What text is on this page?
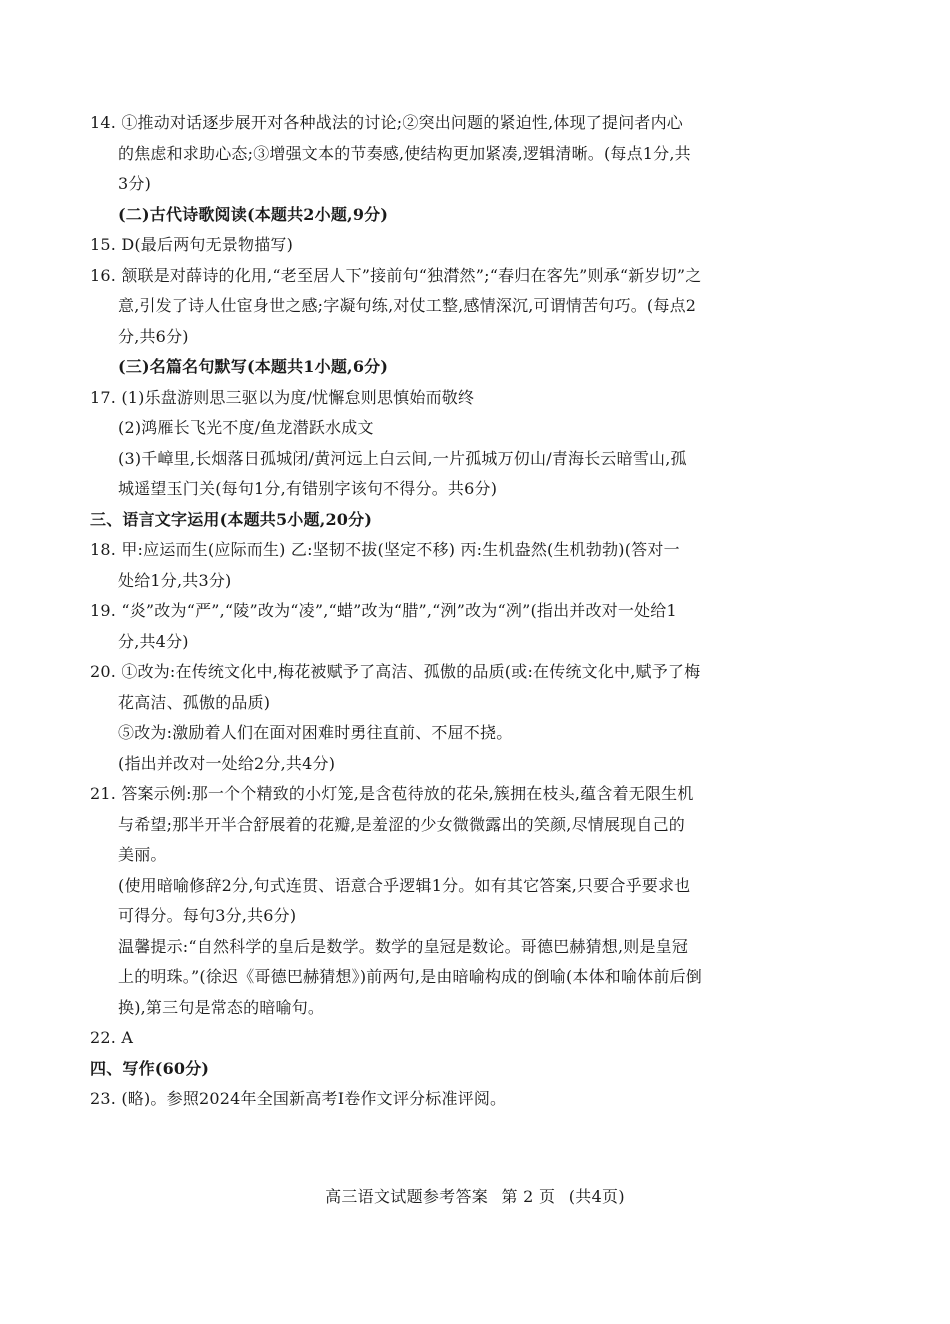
14. ①推动对话逐步展开对各种战法的讨论;②突出问题的紧迫性,体现了提问者内心
的焦虑和求助心态;③增强文本的节奏感,使结构更加紧凑,逻辑清晰。(每点1分,共
3分)
(二)古代诗歌阅读(本题共2小题,9分)
15. D(最后两句无景物描写)
16. 颔联是对薛诗的化用,“老至居人下”接前句“独潸然”;“春归在客先”则承“新岁切”之
意,引发了诗人仕宦身世之感;字凝句练,对仗工整,感情深沉,可谓情苦句巧。(每点2
分,共6分)
(三)名篇名句默写(本题共1小题,6分)
17. (1)乐盘游则思三驱以为度/忧懈怠则思慎始而敬终
(2)鸿雁长飞光不度/鱼龙潜跃水成文
(3)千嶂里,长烟落日孤城闭/黄河远上白云间,一片孤城万仞山/青海长云暗雪山,孤
城遥望玉门关(每句1分,有错别字该句不得分。共6分)
三、语言文字运用(本题共5小题,20分)
18. 甲:应运而生(应际而生) 乙:坚韧不拔(坚定不移) 丙:生机盎然(生机勃勃)(答对一
处给1分,共3分)
19. “炎”改为“严”,“陵”改为“凌”,“蜡”改为“腊”,“洌”改为“冽”(指出并改对一处给1
分,共4分)
20. ①改为:在传统文化中,梅花被赋予了高洁、孤傲的品质(或:在传统文化中,赋予了梅
花高洁、孤傲的品质)
⑤改为:激励着人们在面对困难时勇往直前、不屈不挠。
(指出并改对一处给2分,共4分)
21. 答案示例:那一个个精致的小灯笼,是含苞待放的花朵,簇拥在枝头,蕴含着无限生机
与希望;那半开半合舒展着的花瓣,是羞涩的少女微微露出的笑颜,尽情展现自己的
美丽。
(使用暗喻修辞2分,句式连贯、语意合乎逻辑1分。如有其它答案,只要合乎要求也
可得分。每句3分,共6分)
温馨提示:“自然科学的皇后是数学。数学的皇冠是数论。哥德巴赫猜想,则是皇冠
上的明珠。”(徐迟《哥德巴赫猜想》)前两句,是由暗喻构成的倒喻(本体和喻体前后倒
换),第三句是常态的暗喻句。
22. A
四、写作(60分)
23. (略)。参照2024年全国新高考Ⅰ卷作文评分标准评阅。
高三语文试题参考答案 第 2 页 (共4页)
